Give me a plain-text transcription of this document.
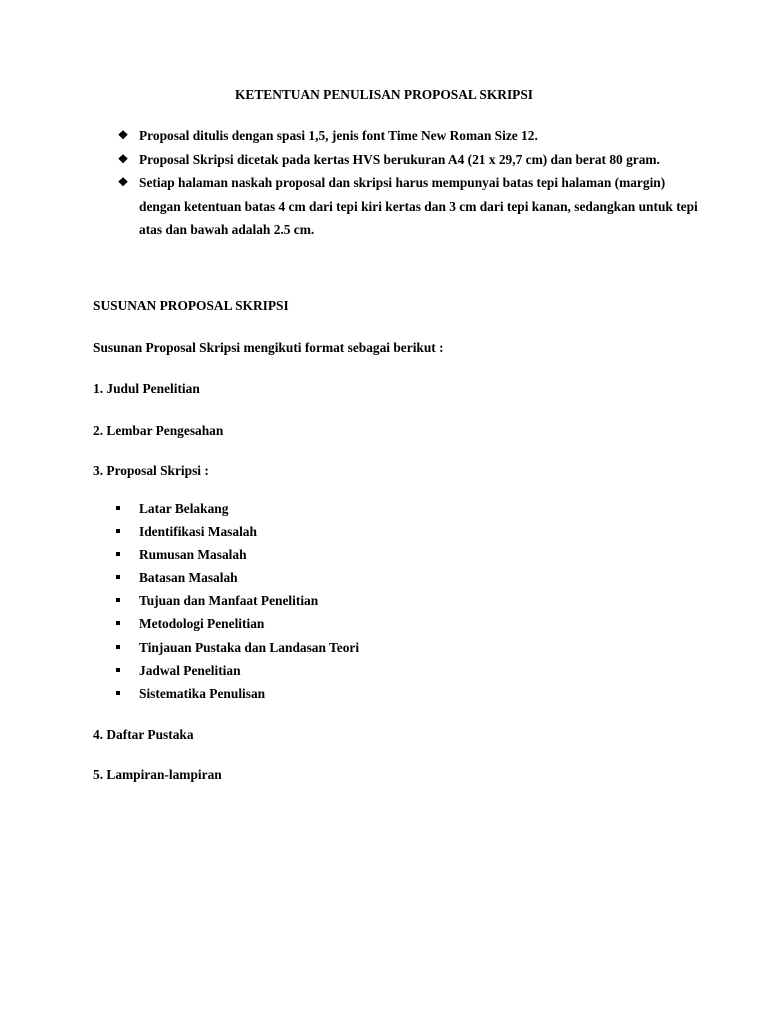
KETENTUAN PENULISAN PROPOSAL SKRIPSI
❖ Proposal ditulis dengan spasi 1,5, jenis font Time New Roman Size 12.
❖ Proposal Skripsi dicetak pada kertas HVS berukuran A4 (21 x 29,7 cm) dan berat 80 gram.
❖ Setiap halaman naskah proposal dan skripsi harus mempunyai batas tepi halaman (margin) dengan ketentuan batas 4 cm dari tepi kiri kertas dan 3 cm dari tepi kanan, sedangkan untuk tepi atas dan bawah adalah 2.5 cm.
SUSUNAN PROPOSAL SKRIPSI
Susunan Proposal Skripsi mengikuti format sebagai berikut :
1. Judul Penelitian
2. Lembar Pengesahan
3. Proposal Skripsi :
Latar Belakang
Identifikasi Masalah
Rumusan Masalah
Batasan Masalah
Tujuan dan Manfaat Penelitian
Metodologi Penelitian
Tinjauan Pustaka dan Landasan Teori
Jadwal Penelitian
Sistematika Penulisan
4. Daftar Pustaka
5. Lampiran-lampiran
